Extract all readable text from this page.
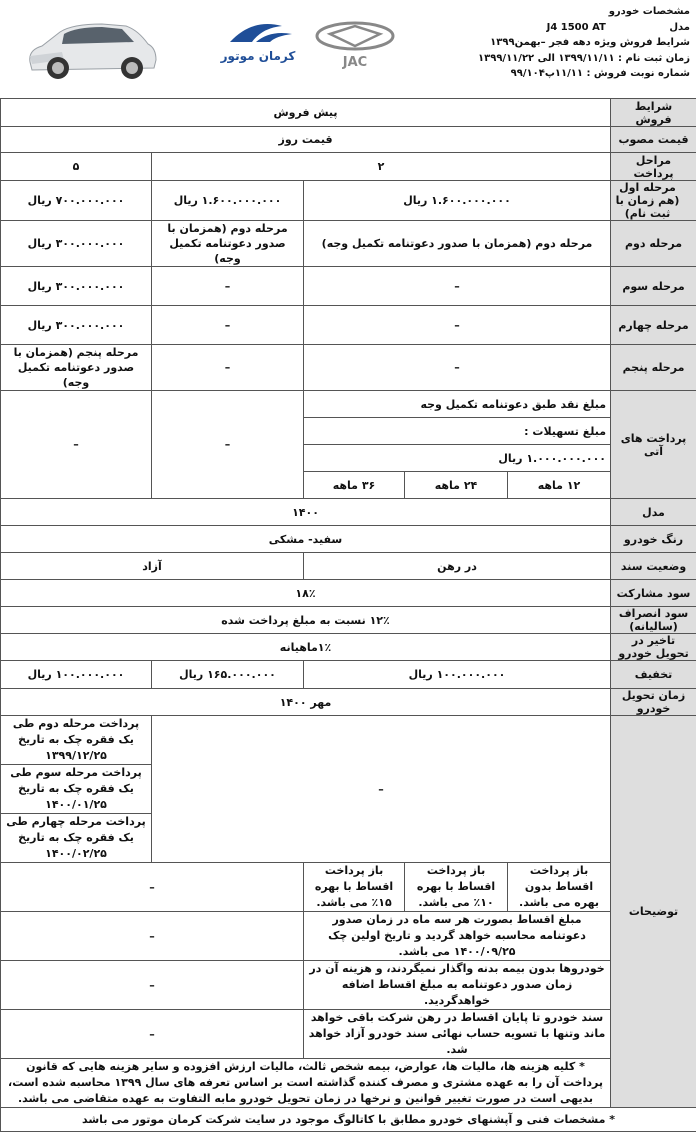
کرمان موتور	JAC
مشخصات خودرو
مدل J4 1500 AT
شرایط فروش ویژه دهه فجر –بهمن۱۳۹۹
زمان ثبت نام : ۱۳۹۹/۱۱/۱۱ الی ۱۳۹۹/۱۱/۲۲
شماره نوبت فروش : ۱۱/۱۱پ۹۹/۱۰۴
شرایط فروش	پیش فروش				
قیمت مصوب	قیمت روز				
مراحل پرداخت	۲				۵
مرحله اول (هم زمان با ثبت نام)	۱.۶۰۰.۰۰۰.۰۰۰ ریال			۱.۶۰۰.۰۰۰.۰۰۰ ریال	۷۰۰.۰۰۰.۰۰۰ ریال
مرحله دوم	مرحله دوم (همزمان با صدور دعوتنامه تکمیل وجه)			مرحله دوم (همزمان با صدور دعوتنامه تکمیل وجه)	۳۰۰.۰۰۰.۰۰۰ ریال
مرحله سوم	–			–	۳۰۰.۰۰۰.۰۰۰ ریال
مرحله چهارم	–			–	۳۰۰.۰۰۰.۰۰۰ ریال
مرحله پنجم	–			–	مرحله پنجم (همزمان با صدور دعوتنامه تکمیل وجه)
پرداخت های آتی	مبلغ نقد طبق دعوتنامه تکمیل وجه			–	–
	مبلغ تسهیلات :				
	۱.۰۰۰.۰۰۰.۰۰۰ ریال				
	۱۲ ماهه	۲۴ ماهه	۳۶ ماهه		
مدل	۱۴۰۰				
رنگ خودرو	سفید- مشکی				
وضعیت سند	در رهن			آزاد	
سود مشارکت	۱۸٪				
سود انصراف (سالیانه)	۱۲٪ نسبت به مبلغ پرداخت شده				
تاخیر در تحویل خودرو	۱٪ماهیانه				
تخفیف	۱۰۰.۰۰۰.۰۰۰ ریال			۱۶۵.۰۰۰.۰۰۰ ریال	۱۰۰.۰۰۰.۰۰۰ ریال
زمان تحویل خودرو	مهر ۱۴۰۰				
توضیحات	–				پرداخت مرحله دوم طی یک فقره چک به تاریخ ۱۳۹۹/۱۲/۲۵
					پرداخت مرحله سوم طی یک فقره چک به تاریخ ۱۴۰۰/۰۱/۲۵
					پرداخت مرحله چهارم طی یک فقره چک به تاریخ ۱۴۰۰/۰۲/۲۵
	باز پرداخت اقساط بدون بهره می باشد.	باز پرداخت اقساط با بهره ۱۰٪ می باشد.	باز پرداخت اقساط با بهره ۱۵٪ می باشد.	–	
	مبلغ اقساط بصورت هر سه ماه در زمان صدور دعوتنامه محاسبه خواهد گردید و تاریخ اولین چک ۱۴۰۰/۰۹/۲۵ می باشد.			–	
	خودروها بدون بیمه بدنه واگذار نمیگردند، و هزینه آن در زمان صدور دعوتنامه به مبلغ اقساط اضافه خواهدگردید.			–	
	سند خودرو تا پایان اقساط در رهن شرکت باقی خواهد ماند وتنها با تسویه حساب نهائی سند خودرو آزاد خواهد شد.			–	
	* کلیه هزینه ها، مالیات ها، عوارض، بیمه شخص ثالث، مالیات ارزش افزوده و سایر هزینه هایی که قانون پرداخت آن را به عهده مشتری و مصرف کننده گذاشته است بر اساس تعرفه های سال ۱۳۹۹ محاسبه شده است، بدیهی است در صورت تغییر قوانین و نرخها در زمان تحویل خودرو مابه التفاوت به عهده متقاضی می باشد.				
* مشخصات فنی و آپشنهای خودرو مطابق با کاتالوگ موجود در سایت شرکت کرمان موتور می باشد					
